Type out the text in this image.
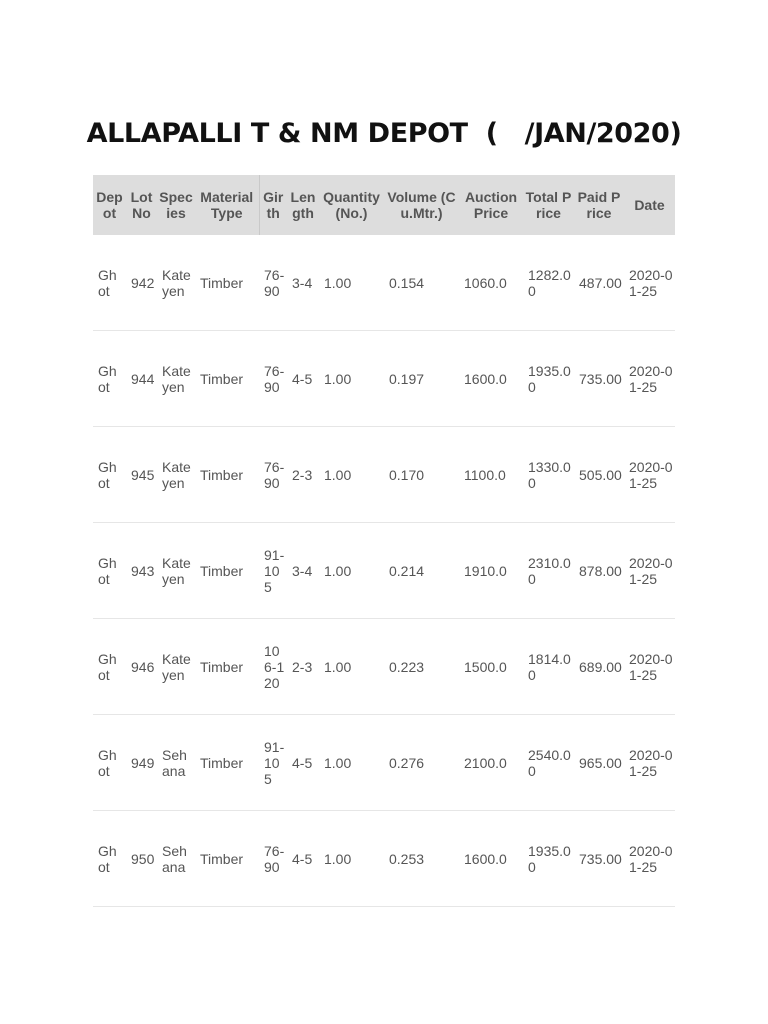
ALLAPALLI T & NM DEPOT  (   /JAN/2020)
Depot	Lot No	Species	Material Type	Girth	Length	Quantity (No.)	Volume (Cu.Mtr.)	Auction Price	Total Price	Paid Price	Date
Ghot	942	Kateyen	Timber	76-90	3-4	1.00	0.154	1060.0	1282.00	487.00	2020-01-25
Ghot	944	Kateyen	Timber	76-90	4-5	1.00	0.197	1600.0	1935.00	735.00	2020-01-25
Ghot	945	Kateyen	Timber	76-90	2-3	1.00	0.170	1100.0	1330.00	505.00	2020-01-25
Ghot	943	Kateyen	Timber	91-105	3-4	1.00	0.214	1910.0	2310.00	878.00	2020-01-25
Ghot	946	Kateyen	Timber	106-120	2-3	1.00	0.223	1500.0	1814.00	689.00	2020-01-25
Ghot	949	Sehana	Timber	91-105	4-5	1.00	0.276	2100.0	2540.00	965.00	2020-01-25
Ghot	950	Sehana	Timber	76-90	4-5	1.00	0.253	1600.0	1935.00	735.00	2020-01-25
